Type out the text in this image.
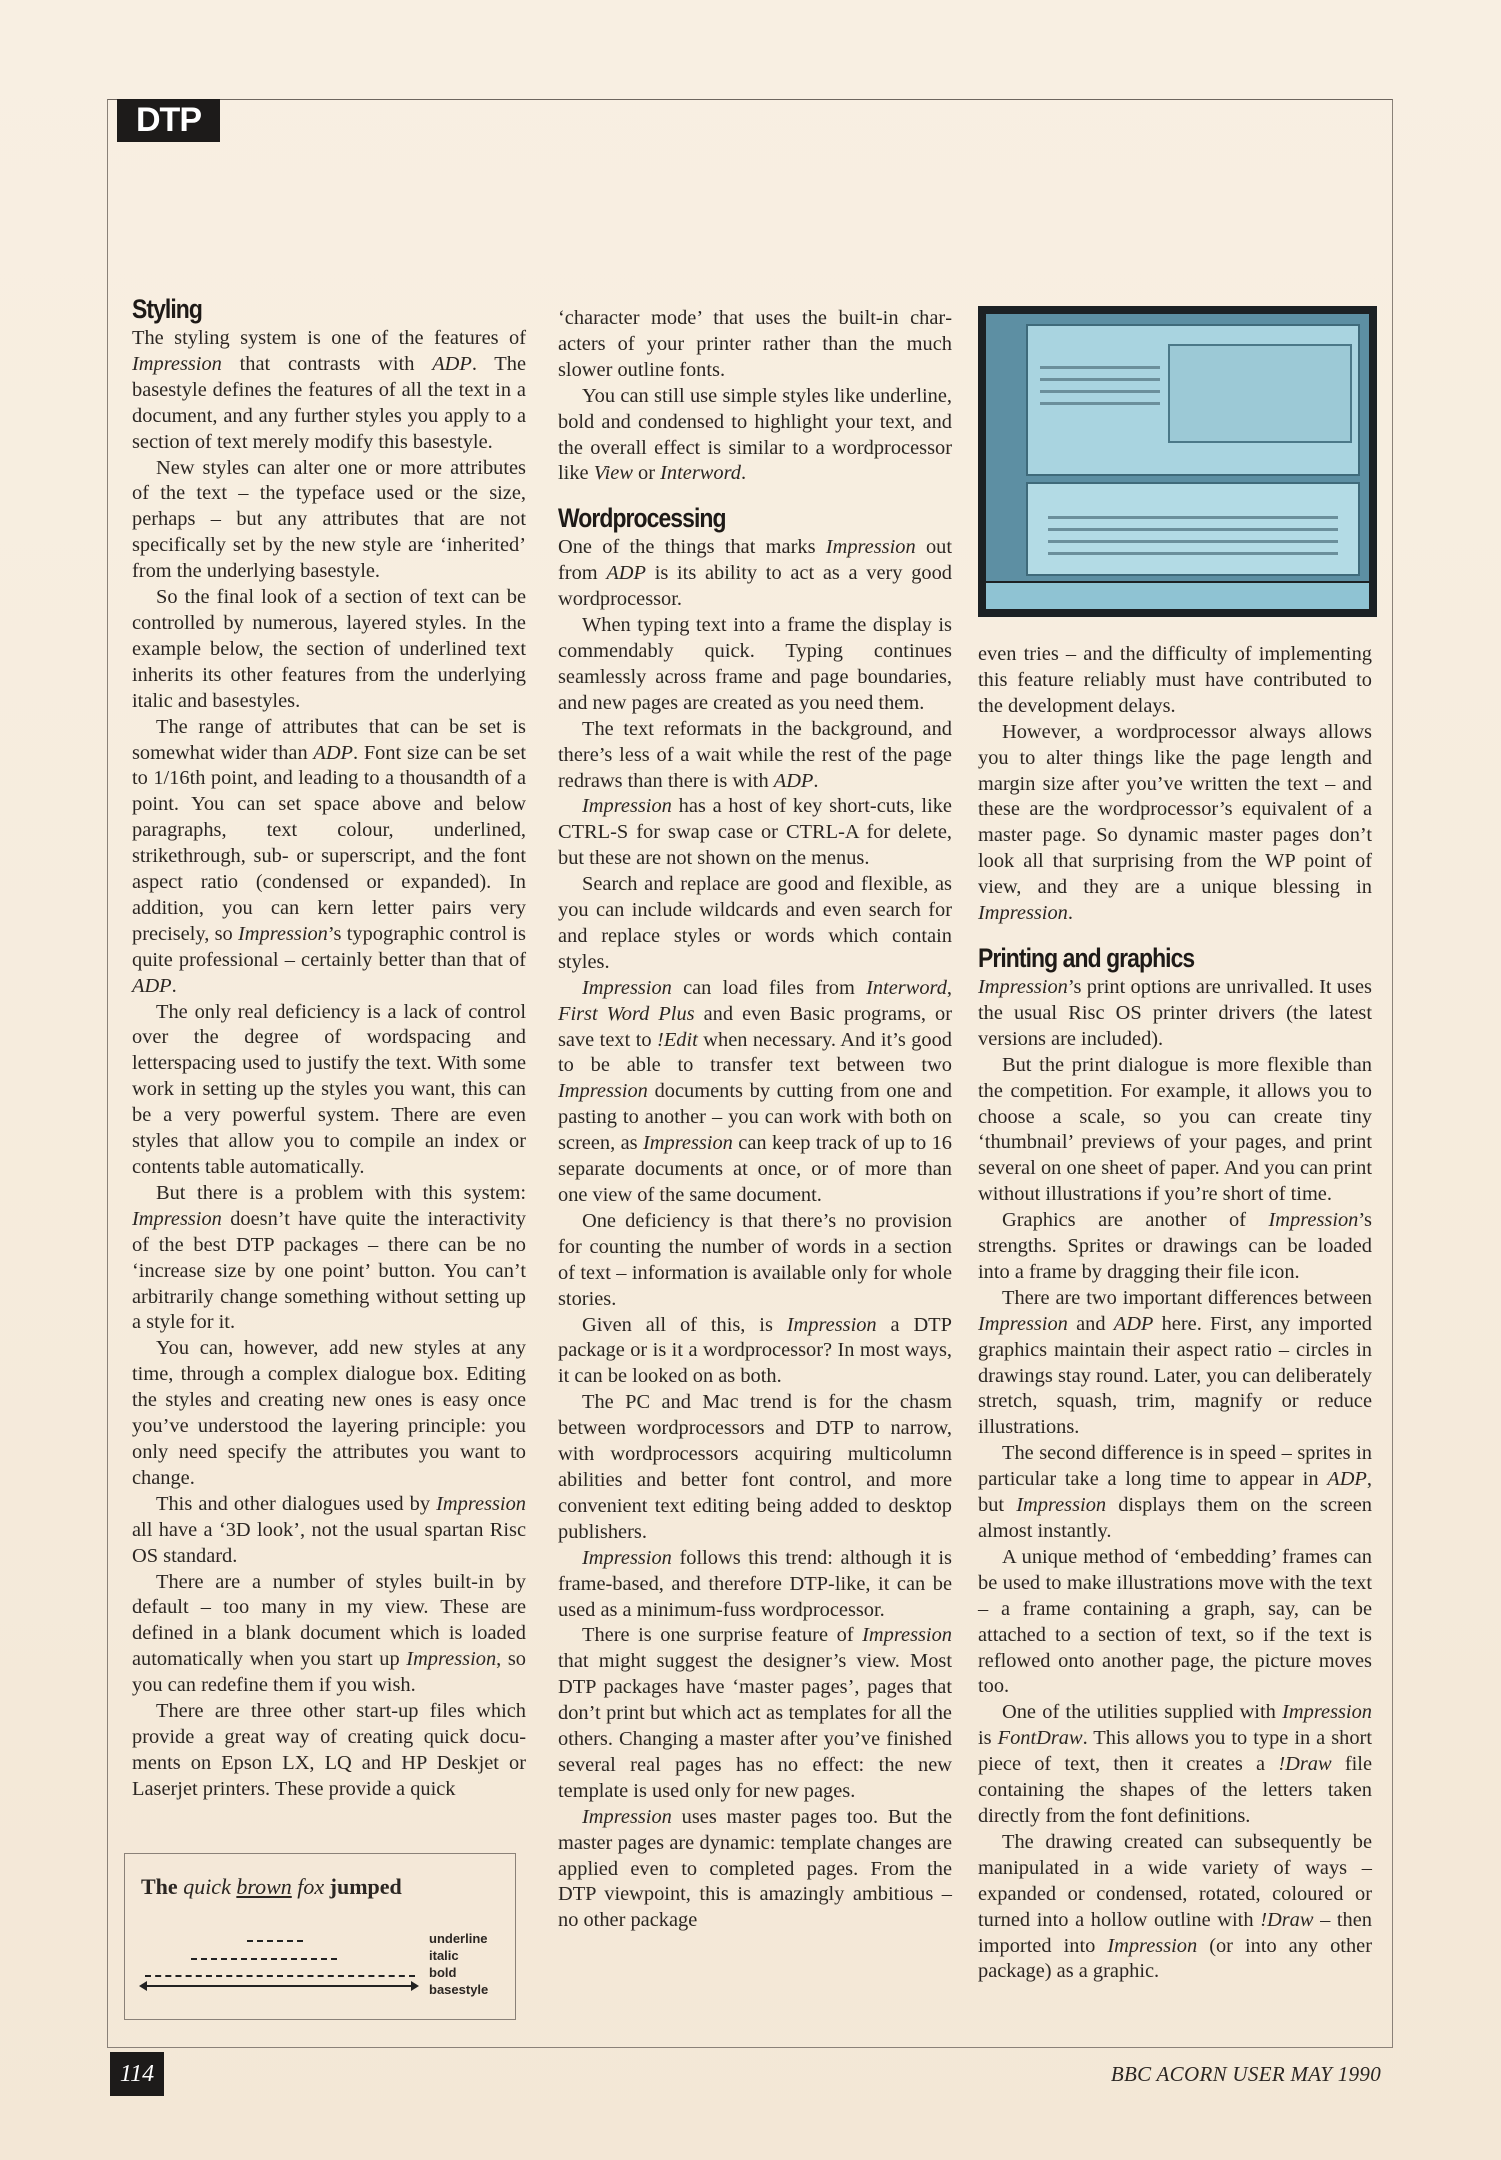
DTP
Styling

The styling system is one of the features of Impression that contrasts with ADP. The basestyle defines the features of all the text in a document, and any further styles you apply to a section of text merely modify this basestyle.

New styles can alter one or more attributes of the text – the typeface used or the size, perhaps – but any attributes that are not specifically set by the new style are ‘inherited’ from the underlying basestyle.

So the final look of a section of text can be controlled by numerous, layered styles. In the example below, the section of underlined text inherits its other features from the underlying italic and basestyles.

The range of attributes that can be set is somewhat wider than ADP. Font size can be set to 1/16th point, and leading to a thousandth of a point. You can set space above and below paragraphs, text colour, underlined, strikethrough, sub- or superscript, and the font aspect ratio (condensed or expanded). In addition, you can kern letter pairs very precisely, so Impression’s typographic control is quite professional – certainly better than that of ADP.

The only real deficiency is a lack of control over the degree of wordspacing and letterspacing used to justify the text. With some work in setting up the styles you want, this can be a very powerful system. There are even styles that allow you to compile an index or contents table automatically.

But there is a problem with this system: Impression doesn’t have quite the interactivity of the best DTP packages – there can be no ‘increase size by one point’ button. You can’t arbitrarily change something without setting up a style for it.

You can, however, add new styles at any time, through a complex dialogue box. Editing the styles and creating new ones is easy once you’ve understood the layering principle: you only need specify the attributes you want to change.

This and other dialogues used by Impression all have a ‘3D look’, not the usual spartan Risc OS standard.

There are a number of styles built-in by default – too many in my view. These are defined in a blank document which is loaded automatically when you start up Impression, so you can redefine them if you wish.

There are three other start-up files which provide a great way of creating quick documents on Epson LX, LQ and HP Deskjet or Laserjet printers. These provide a quick

‘character mode’ that uses the built-in characters of your printer rather than the much slower outline fonts.

You can still use simple styles like underline, bold and condensed to highlight your text, and the overall effect is similar to a wordprocessor like View or Interword.

Wordprocessing

One of the things that marks Impression out from ADP is its ability to act as a very good wordprocessor.

When typing text into a frame the display is commendably quick. Typing continues seamlessly across frame and page boundaries, and new pages are created as you need them.

The text reformats in the background, and there’s less of a wait while the rest of the page redraws than there is with ADP.

Impression has a host of key short-cuts, like CTRL-S for swap case or CTRL-A for delete, but these are not shown on the menus.

Search and replace are good and flexible, as you can include wildcards and even search for and replace styles or words which contain styles.

Impression can load files from Interword, First Word Plus and even Basic programs, or save text to !Edit when necessary. And it’s good to be able to transfer text between two Impression documents by cutting from one and pasting to another – you can work with both on screen, as Impression can keep track of up to 16 separate documents at once, or of more than one view of the same document.

One deficiency is that there’s no provision for counting the number of words in a section of text – information is available only for whole stories.

Given all of this, is Impression a DTP package or is it a wordprocessor? In most ways, it can be looked on as both.

The PC and Mac trend is for the chasm between wordprocessors and DTP to narrow, with wordprocessors acquiring multicolumn abilities and better font control, and more convenient text editing being added to desktop publishers.

Impression follows this trend: although it is frame-based, and therefore DTP-like, it can be used as a minimum-fuss wordprocessor.

There is one surprise feature of Impression that might suggest the designer’s view. Most DTP packages have ‘master pages’, pages that don’t print but which act as templates for all the others. Changing a master after you’ve finished several real pages has no effect: the new template is used only for new pages.

Impression uses master pages too. But the master pages are dynamic: template changes are applied even to completed pages. From the DTP viewpoint, this is amazingly ambitious – no other package

even tries – and the difficulty of implementing this feature reliably must have contributed to the development delays.

However, a wordprocessor always allows you to alter things like the page length and margin size after you’ve written the text – and these are the wordprocessor’s equivalent of a master page. So dynamic master pages don’t look all that surprising from the WP point of view, and they are a unique blessing in Impression.

Printing and graphics

Impression’s print options are unrivalled. It uses the usual Risc OS printer drivers (the latest versions are included).

But the print dialogue is more flexible than the competition. For example, it allows you to choose a scale, so you can create tiny ‘thumbnail’ previews of your pages, and print several on one sheet of paper. And you can print without illustrations if you’re short of time.

Graphics are another of Impression’s strengths. Sprites or drawings can be loaded into a frame by dragging their file icon.

There are two important differences between Impression and ADP here. First, any imported graphics maintain their aspect ratio – circles in drawings stay round. Later, you can deliberately stretch, squash, trim, magnify or reduce illustrations.

The second difference is in speed – sprites in particular take a long time to appear in ADP, but Impression displays them on the screen almost instantly.

A unique method of ‘embedding’ frames can be used to make illustrations move with the text – a frame containing a graph, say, can be attached to a section of text, so if the text is reflowed onto another page, the picture moves too.

One of the utilities supplied with Impression is FontDraw. This allows you to type in a short piece of text, then it creates a !Draw file containing the shapes of the letters taken directly from the font definitions.

The drawing created can subsequently be manipulated in a wide variety of ways – expanded or condensed, rotated, coloured or turned into a hollow outline with !Draw – then imported into Impression (or into any other package) as a graphic.

The quick brown fox jumped
underline
italic
bold
basestyle
114	BBC ACORN USER MAY 1990
